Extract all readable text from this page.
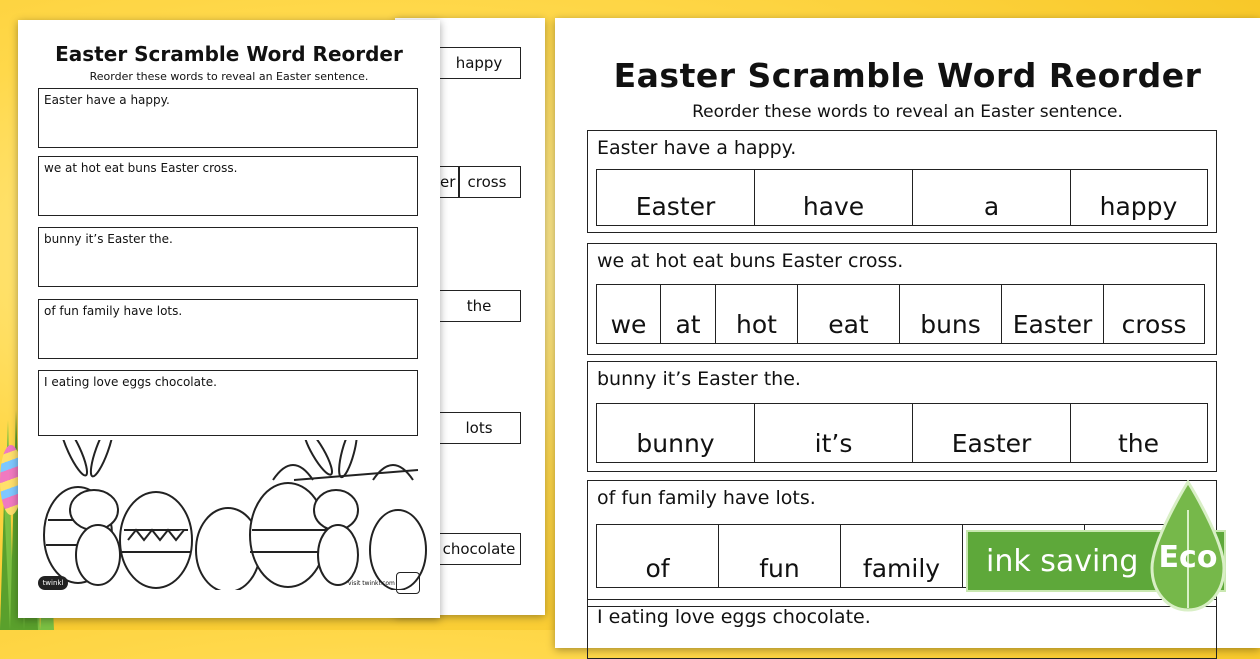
happy
er cross
the
lots
chocolate
Easter Scramble Word Reorder
Reorder these words to reveal an Easter sentence.
Easter have a happy.
we at hot eat buns Easter cross.
bunny it’s Easter the.
of fun family have lots.
I eating love eggs chocolate.
twinkl	visit twinkl.com
Easter Scramble Word Reorder
Reorder these words to reveal an Easter sentence.
Easter have a happy.
Easter	have	a	happy
we at hot eat buns Easter cross.
we	at	hot	eat	buns	Easter	cross
bunny it’s Easter the.
bunny	it’s	Easter	the
of fun family have lots.
of	fun	family
I eating love eggs chocolate.
ink saving Eco
